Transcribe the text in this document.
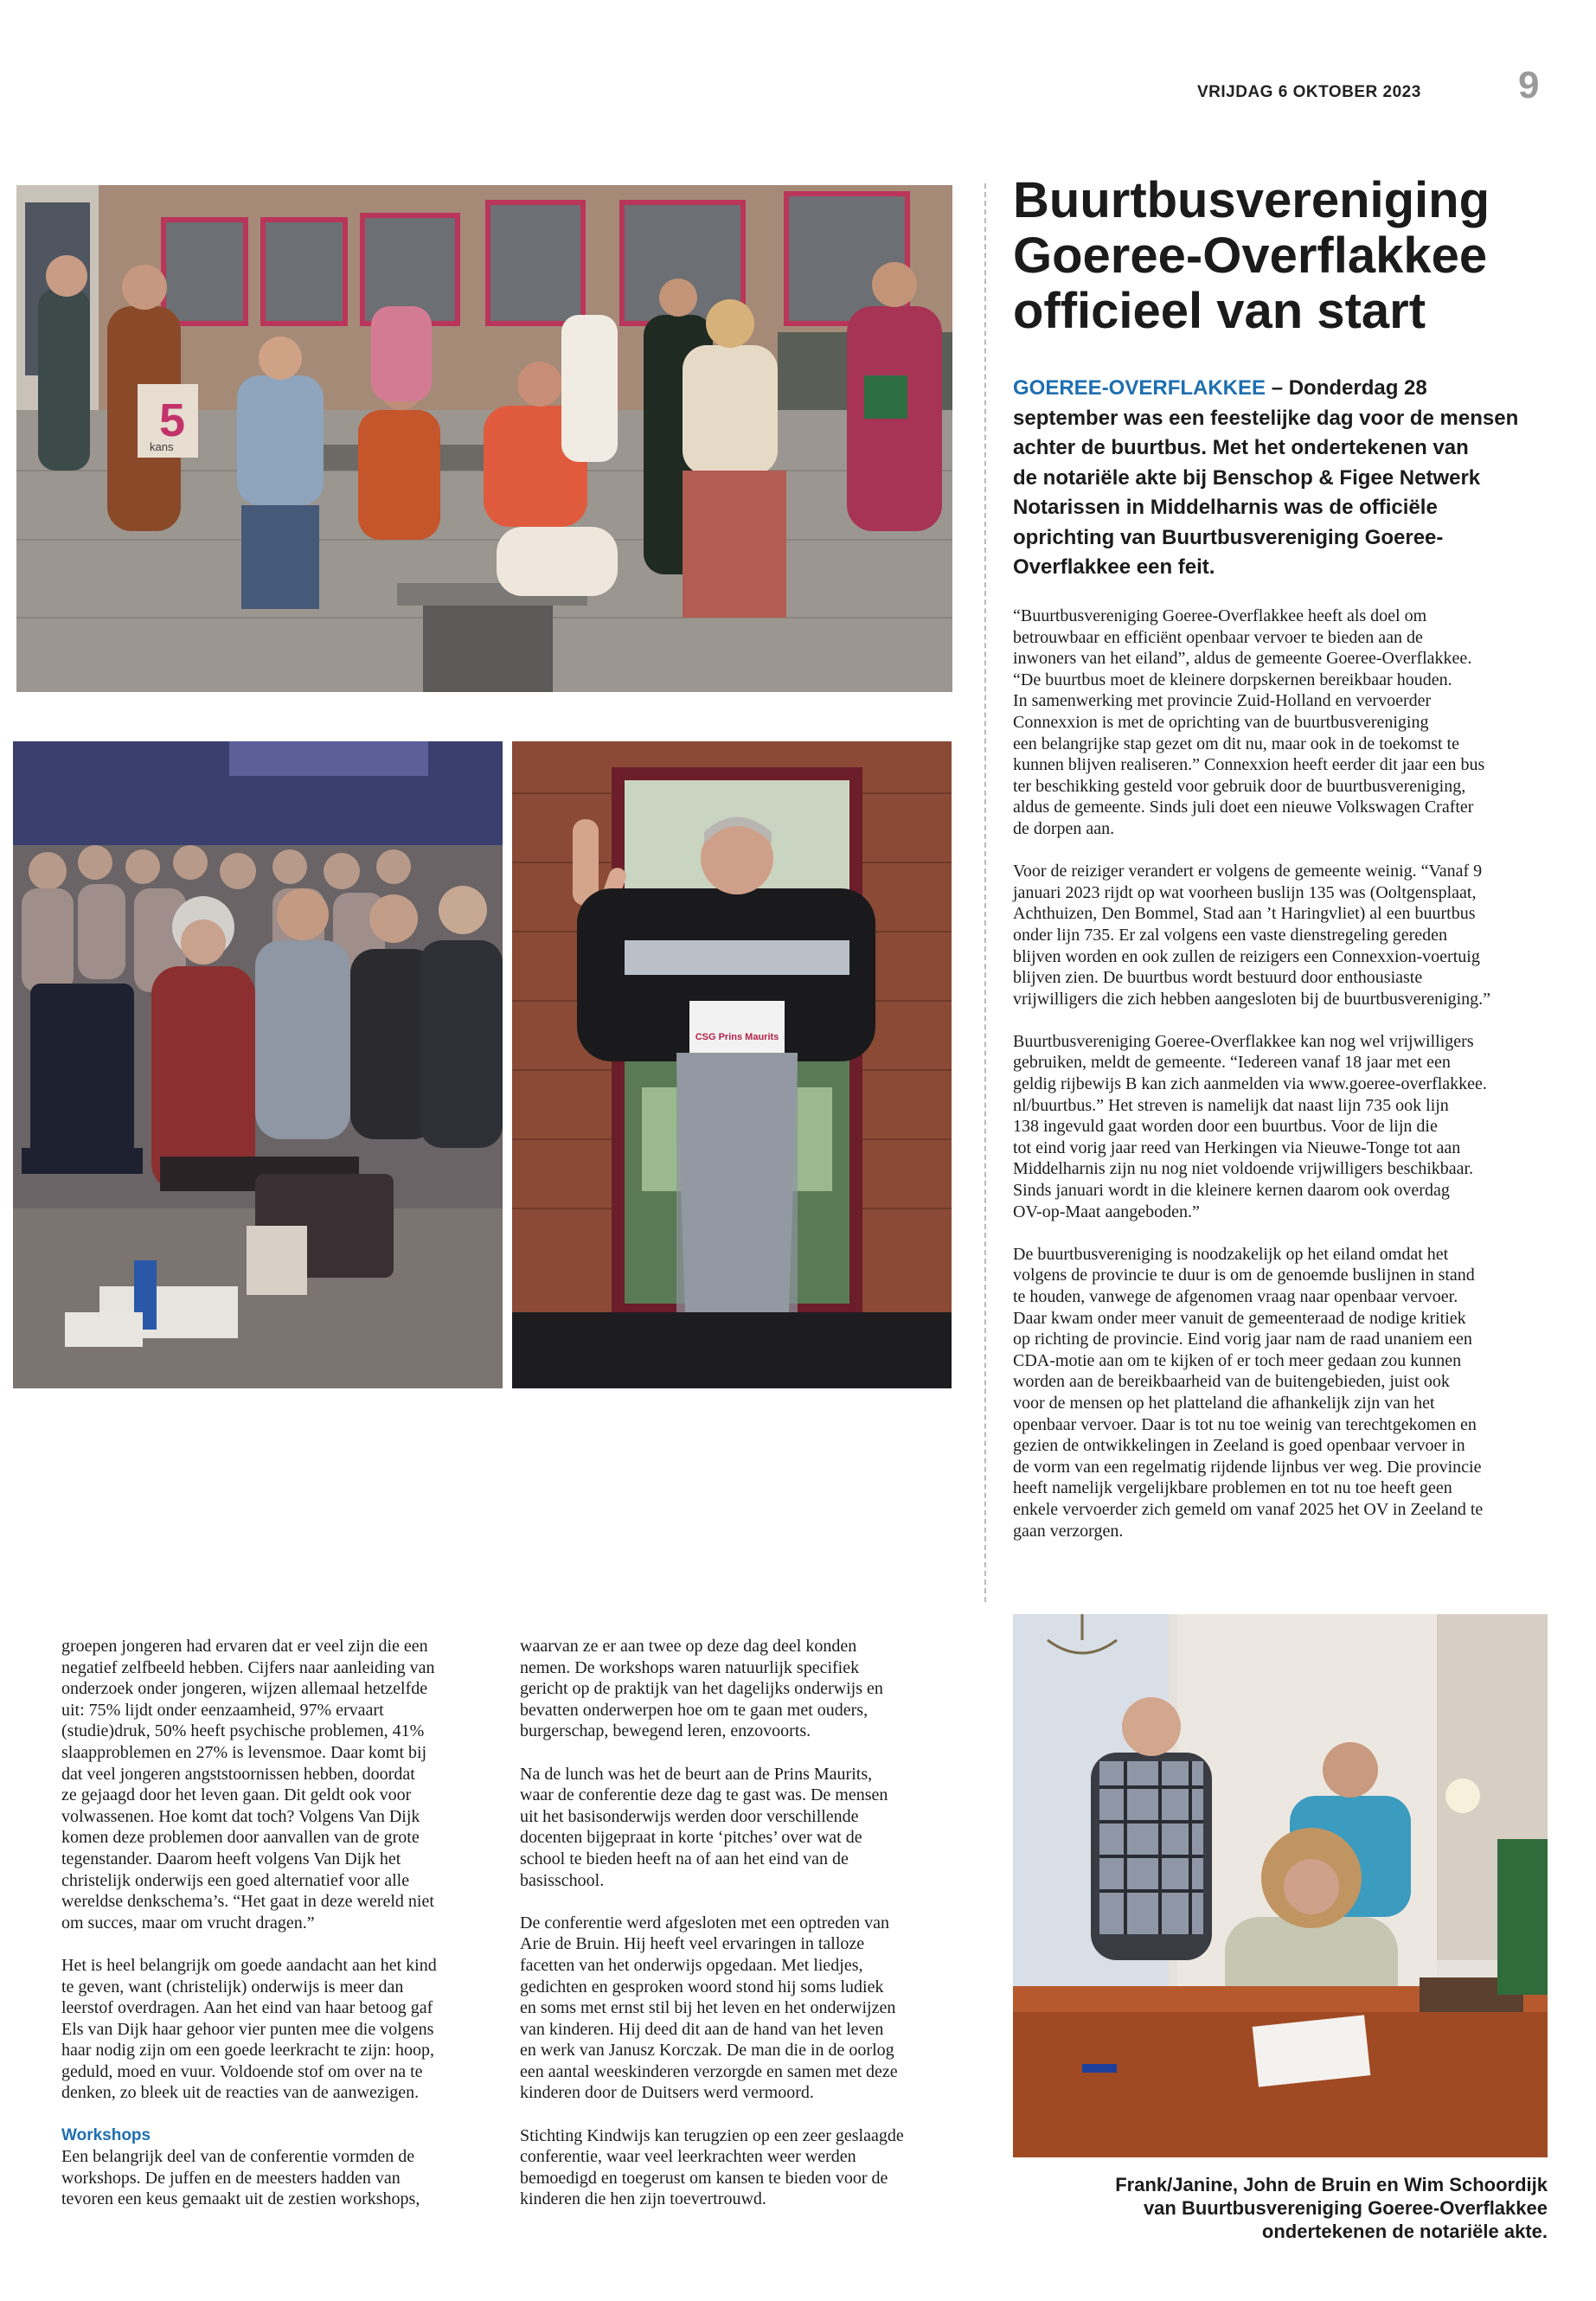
VRIJDAG 6 OKTOBER 2023	9
5
kans
CSG Prins Maurits
Buurtbusvereniging
Goeree-Overflakkee
officieel van start
GOEREE-OVERFLAKKEE – Donderdag 28
september was een feestelijke dag voor de mensen
achter de buurtbus. Met het ondertekenen van
de notariële akte bij Benschop & Figee Netwerk
Notarissen in Middelharnis was de officiële
oprichting van Buurtbusvereniging Goeree-
Overflakkee een feit.
“Buurtbusvereniging Goeree-Overflakkee heeft als doel om
betrouwbaar en efficiënt openbaar vervoer te bieden aan de
inwoners van het eiland”, aldus de gemeente Goeree-Overflakkee.
“De buurtbus moet de kleinere dorpskernen bereikbaar houden.
In samenwerking met provincie Zuid-Holland en vervoerder
Connexxion is met de oprichting van de buurtbusvereniging
een belangrijke stap gezet om dit nu, maar ook in de toekomst te
kunnen blijven realiseren.” Connexxion heeft eerder dit jaar een bus
ter beschikking gesteld voor gebruik door de buurtbusvereniging,
aldus de gemeente. Sinds juli doet een nieuwe Volkswagen Crafter
de dorpen aan.
Voor de reiziger verandert er volgens de gemeente weinig. “Vanaf 9
januari 2023 rijdt op wat voorheen buslijn 135 was (Ooltgensplaat,
Achthuizen, Den Bommel, Stad aan ’t Haringvliet) al een buurtbus
onder lijn 735. Er zal volgens een vaste dienstregeling gereden
blijven worden en ook zullen de reizigers een Connexxion-voertuig
blijven zien. De buurtbus wordt bestuurd door enthousiaste
vrijwilligers die zich hebben aangesloten bij de buurtbusvereniging.”
Buurtbusvereniging Goeree-Overflakkee kan nog wel vrijwilligers
gebruiken, meldt de gemeente. “Iedereen vanaf 18 jaar met een
geldig rijbewijs B kan zich aanmelden via www.goeree-overflakkee.
nl/buurtbus.” Het streven is namelijk dat naast lijn 735 ook lijn
138 ingevuld gaat worden door een buurtbus. Voor de lijn die
tot eind vorig jaar reed van Herkingen via Nieuwe-Tonge tot aan
Middelharnis zijn nu nog niet voldoende vrijwilligers beschikbaar.
Sinds januari wordt in die kleinere kernen daarom ook overdag
OV-op-Maat aangeboden.”
De buurtbusvereniging is noodzakelijk op het eiland omdat het
volgens de provincie te duur is om de genoemde buslijnen in stand
te houden, vanwege de afgenomen vraag naar openbaar vervoer.
Daar kwam onder meer vanuit de gemeenteraad de nodige kritiek
op richting de provincie. Eind vorig jaar nam de raad unaniem een
CDA-motie aan om te kijken of er toch meer gedaan zou kunnen
worden aan de bereikbaarheid van de buitengebieden, juist ook
voor de mensen op het platteland die afhankelijk zijn van het
openbaar vervoer. Daar is tot nu toe weinig van terechtgekomen en
gezien de ontwikkelingen in Zeeland is goed openbaar vervoer in
de vorm van een regelmatig rijdende lijnbus ver weg. Die provincie
heeft namelijk vergelijkbare problemen en tot nu toe heeft geen
enkele vervoerder zich gemeld om vanaf 2025 het OV in Zeeland te
gaan verzorgen.
groepen jongeren had ervaren dat er veel zijn die een
negatief zelfbeeld hebben. Cijfers naar aanleiding van
onderzoek onder jongeren, wijzen allemaal hetzelfde
uit: 75% lijdt onder eenzaamheid, 97% ervaart
(studie)druk, 50% heeft psychische problemen, 41%
slaapproblemen en 27% is levensmoe. Daar komt bij
dat veel jongeren angststoornissen hebben, doordat
ze gejaagd door het leven gaan. Dit geldt ook voor
volwassenen. Hoe komt dat toch? Volgens Van Dijk
komen deze problemen door aanvallen van de grote
tegenstander. Daarom heeft volgens Van Dijk het
christelijk onderwijs een goed alternatief voor alle
wereldse denkschema’s. “Het gaat in deze wereld niet
om succes, maar om vrucht dragen.”
Het is heel belangrijk om goede aandacht aan het kind
te geven, want (christelijk) onderwijs is meer dan
leerstof overdragen. Aan het eind van haar betoog gaf
Els van Dijk haar gehoor vier punten mee die volgens
haar nodig zijn om een goede leerkracht te zijn: hoop,
geduld, moed en vuur. Voldoende stof om over na te
denken, zo bleek uit de reacties van de aanwezigen.
Workshops
Een belangrijk deel van de conferentie vormden de
workshops. De juffen en de meesters hadden van
tevoren een keus gemaakt uit de zestien workshops,
waarvan ze er aan twee op deze dag deel konden
nemen. De workshops waren natuurlijk specifiek
gericht op de praktijk van het dagelijks onderwijs en
bevatten onderwerpen hoe om te gaan met ouders,
burgerschap, bewegend leren, enzovoorts.
Na de lunch was het de beurt aan de Prins Maurits,
waar de conferentie deze dag te gast was. De mensen
uit het basisonderwijs werden door verschillende
docenten bijgepraat in korte ‘pitches’ over wat de
school te bieden heeft na of aan het eind van de
basisschool.
De conferentie werd afgesloten met een optreden van
Arie de Bruin. Hij heeft veel ervaringen in talloze
facetten van het onderwijs opgedaan. Met liedjes,
gedichten en gesproken woord stond hij soms ludiek
en soms met ernst stil bij het leven en het onderwijzen
van kinderen. Hij deed dit aan de hand van het leven
en werk van Janusz Korczak. De man die in de oorlog
een aantal weeskinderen verzorgde en samen met deze
kinderen door de Duitsers werd vermoord.
Stichting Kindwijs kan terugzien op een zeer geslaagde
conferentie, waar veel leerkrachten weer werden
bemoedigd en toegerust om kansen te bieden voor de
kinderen die hen zijn toevertrouwd.
Frank/Janine, John de Bruin en Wim Schoordijk
van Buurtbusvereniging Goeree-Overflakkee
ondertekenen de notariële akte.
